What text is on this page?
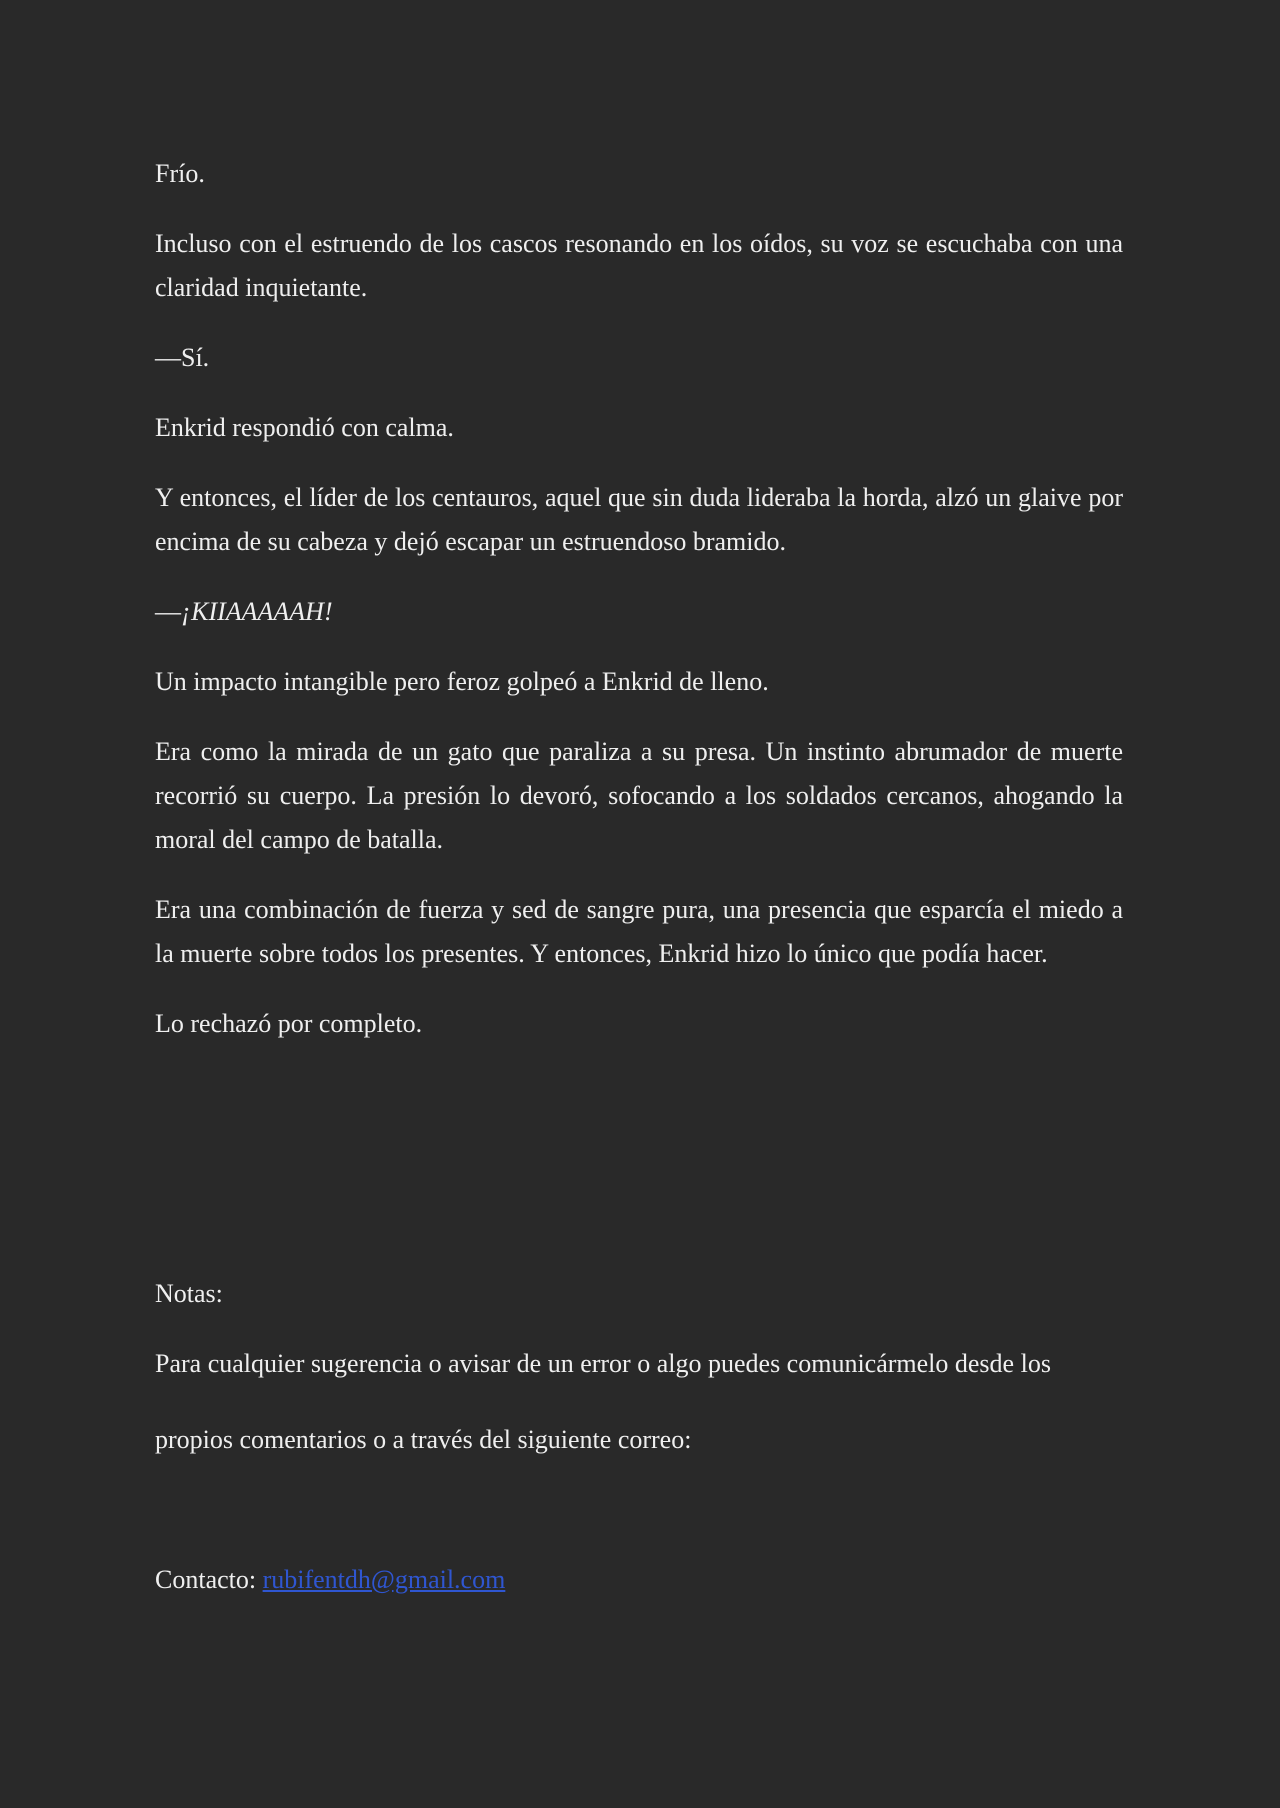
Frío.

Incluso con el estruendo de los cascos resonando en los oídos, su voz se escuchaba con una claridad inquietante.

—Sí.

Enkrid respondió con calma.

Y entonces, el líder de los centauros, aquel que sin duda lideraba la horda, alzó un glaive por encima de su cabeza y dejó escapar un estruendoso bramido.

—¡KIIAAAAAH!

Un impacto intangible pero feroz golpeó a Enkrid de lleno.

Era como la mirada de un gato que paraliza a su presa. Un instinto abrumador de muerte recorrió su cuerpo. La presión lo devoró, sofocando a los soldados cercanos, ahogando la moral del campo de batalla.

Era una combinación de fuerza y sed de sangre pura, una presencia que esparcía el miedo a la muerte sobre todos los presentes. Y entonces, Enkrid hizo lo único que podía hacer.

Lo rechazó por completo.

Notas:

Para cualquier sugerencia o avisar de un error o algo puedes comunicármelo desde los

propios comentarios o a través del siguiente correo:

Contacto: rubifentdh@gmail.com
